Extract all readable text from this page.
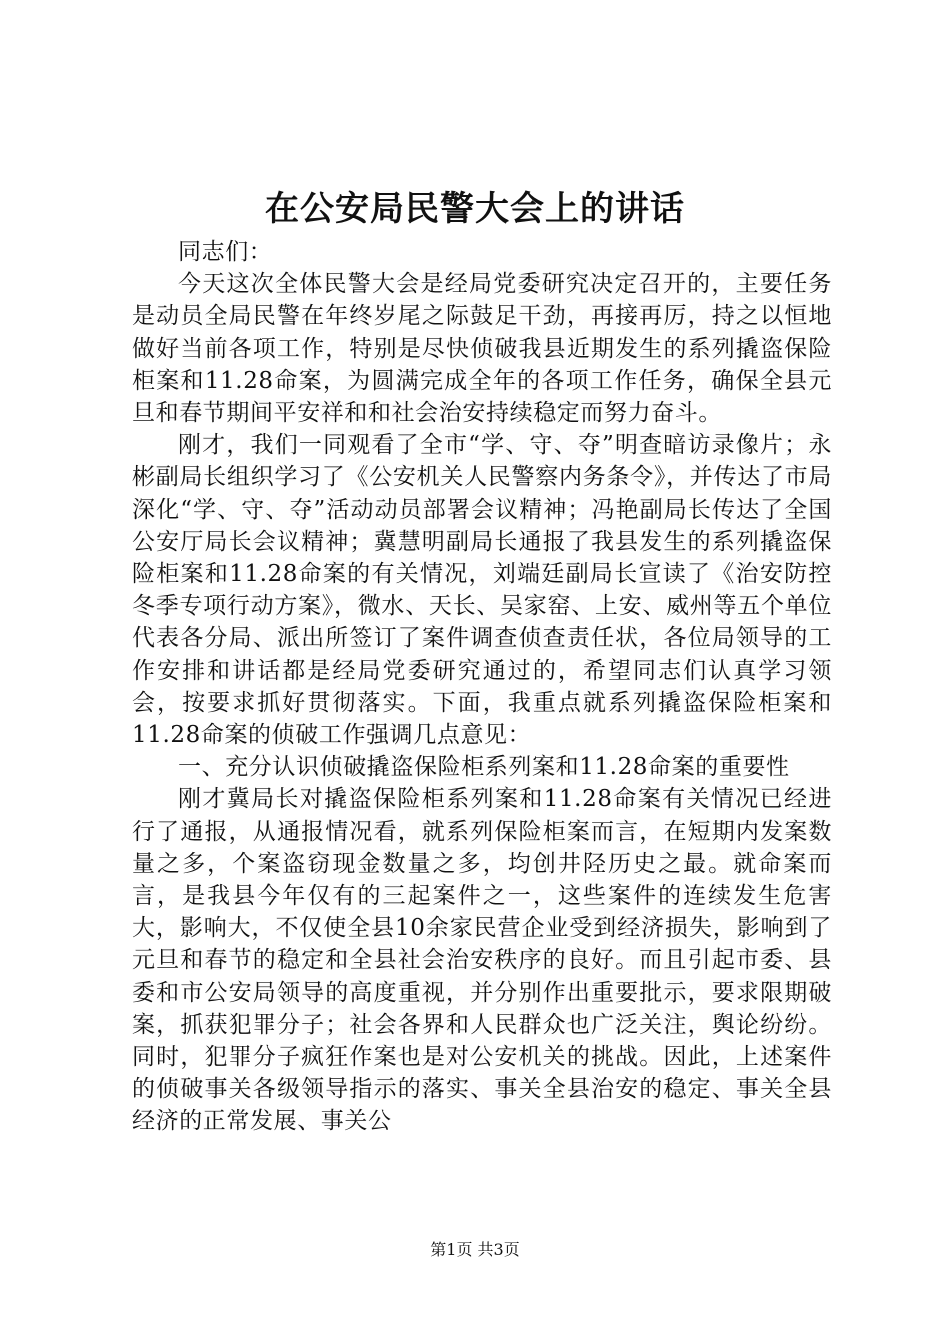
在公安局民警大会上的讲话

同志们：

今天这次全体民警大会是经局党委研究决定召开的，主要任务是动员全局民警在年终岁尾之际鼓足干劲，再接再厉，持之以恒地做好当前各项工作，特别是尽快侦破我县近期发生的系列撬盗保险柜案和11.28命案，为圆满完成全年的各项工作任务，确保全县元旦和春节期间平安祥和和社会治安持续稳定而努力奋斗。

刚才，我们一同观看了全市“学、守、夺”明查暗访录像片；永彬副局长组织学习了《公安机关人民警察内务条令》，并传达了市局深化“学、守、夺”活动动员部署会议精神；冯艳副局长传达了全国公安厅局长会议精神；冀慧明副局长通报了我县发生的系列撬盗保险柜案和11.28命案的有关情况，刘端廷副局长宣读了《治安防控冬季专项行动方案》，微水、天长、吴家窑、上安、威州等五个单位代表各分局、派出所签订了案件调查侦查责任状，各位局领导的工作安排和讲话都是经局党委研究通过的，希望同志们认真学习领会，按要求抓好贯彻落实。下面，我重点就系列撬盗保险柜案和11.28命案的侦破工作强调几点意见：

一、充分认识侦破撬盗保险柜系列案和11.28命案的重要性

刚才冀局长对撬盗保险柜系列案和11.28命案有关情况已经进行了通报，从通报情况看，就系列保险柜案而言，在短期内发案数量之多，个案盗窃现金数量之多，均创井陉历史之最。就命案而言，是我县今年仅有的三起案件之一，这些案件的连续发生危害大，影响大，不仅使全县10余家民营企业受到经济损失，影响到了元旦和春节的稳定和全县社会治安秩序的良好。而且引起市委、县委和市公安局领导的高度重视，并分别作出重要批示，要求限期破案，抓获犯罪分子；社会各界和人民群众也广泛关注，舆论纷纷。同时，犯罪分子疯狂作案也是对公安机关的挑战。因此，上述案件的侦破事关各级领导指示的落实、事关全县治安的稳定、事关全县经济的正常发展、事关公

第1页 共3页
